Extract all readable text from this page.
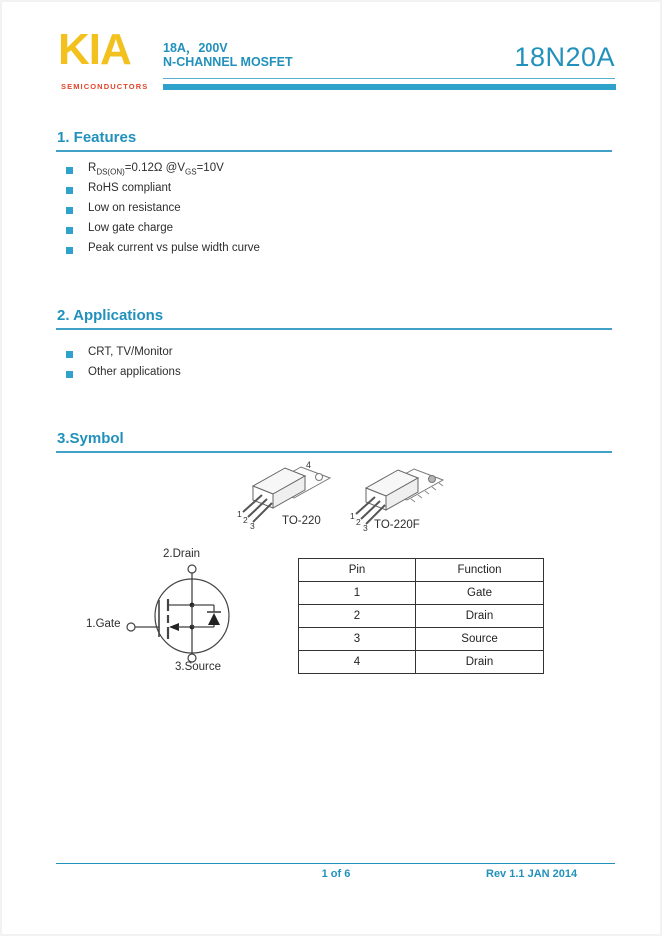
KIA
SEMICONDUCTORS
18A，200V
N-CHANNEL MOSFET	18N20A
1. Features
$R_{DS(ON)}=0.12\Omega$ $@V_{GS}=10V$
RoHS compliant
Low on resistance
Low gate charge
Peak current vs pulse width curve
2. Applications
CRT, TV/Monitor
Other applications
3.Symbol
1
2
3
4
TO-220	1
2
3 TO-220F
2.Drain
1.Gate
3.Source
Pin	Function
1	Gate
2	Drain
3	Source
4	Drain
1 of 6	Rev 1.1 JAN 2014
